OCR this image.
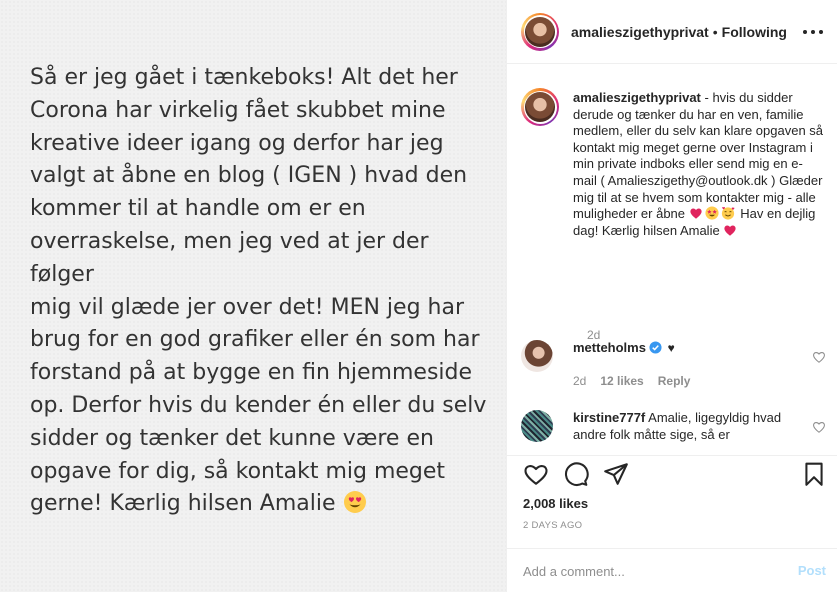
Så er jeg gået i tænkeboks! Alt det her
Corona har virkelig fået skubbet mine
kreative ideer igang og derfor har jeg
valgt at åbne en blog ( IGEN ) hvad den
kommer til at handle om er en
overraskelse, men jeg ved at jer der følger
mig vil glæde jer over det! MEN jeg har
brug for en god grafiker eller én som har
forstand på at bygge en fin hjemmeside
op. Derfor hvis du kender én eller du selv
sidder og tænker det kunne være en
opgave for dig, så kontakt mig meget
gerne! Kærlig hilsen Amalie

amalieszigethyprivat • Following

amalieszigethyprivat - hvis du sidder derude og tænker du har en ven, familie medlem, eller du selv kan klare opgaven så kontakt mig meget gerne over Instagram i min private indboks eller send mig en e-mail ( Amalieszigethy@outlook.dk ) Glæder mig til at se hvem som kontakter mig - alle muligheder er åbne	Hav en dejlig dag! Kærlig hilsen Amalie

2d
metteholms ♥
2d 12 likes Reply
kirstine777f Amalie, ligegyldig hvad andre folk måtte sige, så er
2,008 likes
2 DAYS AGO
Add a comment...
Post
